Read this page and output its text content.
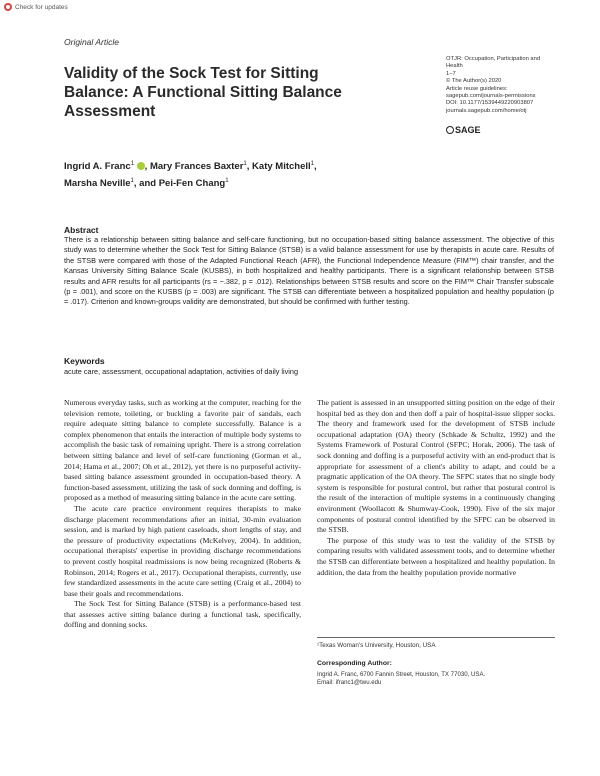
Check for updates
Original Article
Validity of the Sock Test for Sitting Balance: A Functional Sitting Balance Assessment
OTJR: Occupation, Participation and
Health
1–7
© The Author(s) 2020
Article reuse guidelines:
sagepub.com/journals-permissions
DOI: 10.1177/1539449220903807
journals.sagepub.com/home/otj
SAGE
Ingrid A. Franc$^1$ , Mary Frances Baxter$^1$, Katy Mitchell$^1$,
Marsha Neville$^1$, and Pei-Fen Chang$^1$
Abstract

There is a relationship between sitting balance and self-care functioning, but no occupation-based sitting balance assessment. The objective of this study was to determine whether the Sock Test for Sitting Balance (STSB) is a valid balance assessment for use by therapists in acute care. Results of the STSB were compared with those of the Adapted Functional Reach (AFR), the Functional Independence Measure (FIM™) chair transfer, and the Kansas University Sitting Balance Scale (KUSBS), in both hospitalized and healthy participants. There is a significant relationship between STSB results and AFR results for all participants (rs = −.382, p = .012). Relationships between STSB results and score on the FIM™ Chair Transfer subscale (p = .001), and score on the KUSBS (p = .003) are significant. The STSB can differentiate between a hospitalized population and healthy population (p = .017). Criterion and known-groups validity are demonstrated, but should be confirmed with further testing.

Keywords
acute care, assessment, occupational adaptation, activities of daily living

Numerous everyday tasks, such as working at the computer, reaching for the television remote, toileting, or buckling a favorite pair of sandals, each require adequate sitting balance to complete successfully. Balance is a complex phenomenon that entails the interaction of multiple body systems to accomplish the basic task of remaining upright. There is a strong correlation between sitting balance and level of self-care functioning (Gorman et al., 2014; Hama et al., 2007; Oh et al., 2012), yet there is no purposeful activity-based sitting balance assessment grounded in occupation-based theory. A function-based assessment, utilizing the task of sock donning and doffing, is proposed as a method of measuring sitting balance in the acute care setting.

The acute care practice environment requires therapists to make discharge placement recommendations after an initial, 30-min evaluation session, and is marked by high patient caseloads, short lengths of stay, and the pressure of productivity expectations (McKelvey, 2004). In addition, occupational therapists' expertise in providing discharge recommendations to prevent costly hospital readmissions is now being recognized (Roberts & Robinson, 2014; Rogers et al., 2017). Occupational therapists, currently, use few standardized assessments in the acute care setting (Craig et al., 2004) to base their goals and recommendations.

The Sock Test for Sitting Balance (STSB) is a performance-based test that assesses active sitting balance during a functional task, specifically, doffing and donning socks.

The patient is assessed in an unsupported sitting position on the edge of their hospital bed as they don and then doff a pair of hospital-issue slipper socks. The theory and framework used for the development of STSB include occupational adaptation (OA) theory (Schkade & Schultz, 1992) and the Systems Framework of Postural Control (SFPC; Horak, 2006). The task of sock donning and doffing is a purposeful activity with an end-product that is appropriate for assessment of a client's ability to adapt, and could be a pragmatic application of the OA theory. The SFPC states that no single body system is responsible for postural control, but rather that postural control is the result of the interaction of multiple systems in a continuously changing environment (Woollacott & Shumway-Cook, 1990). Five of the six major components of postural control identified by the SFPC can be observed in the STSB.

The purpose of this study was to test the validity of the STSB by comparing results with validated assessment tools, and to determine whether the STSB can differentiate between a hospitalized and healthy population. In addition, the data from the healthy population provide normative

¹Texas Woman's University, Houston, USA
Corresponding Author:
Ingrid A. Franc, 6700 Fannin Street, Houston, TX 77030, USA.
Email: ifranc1@twu.edu
